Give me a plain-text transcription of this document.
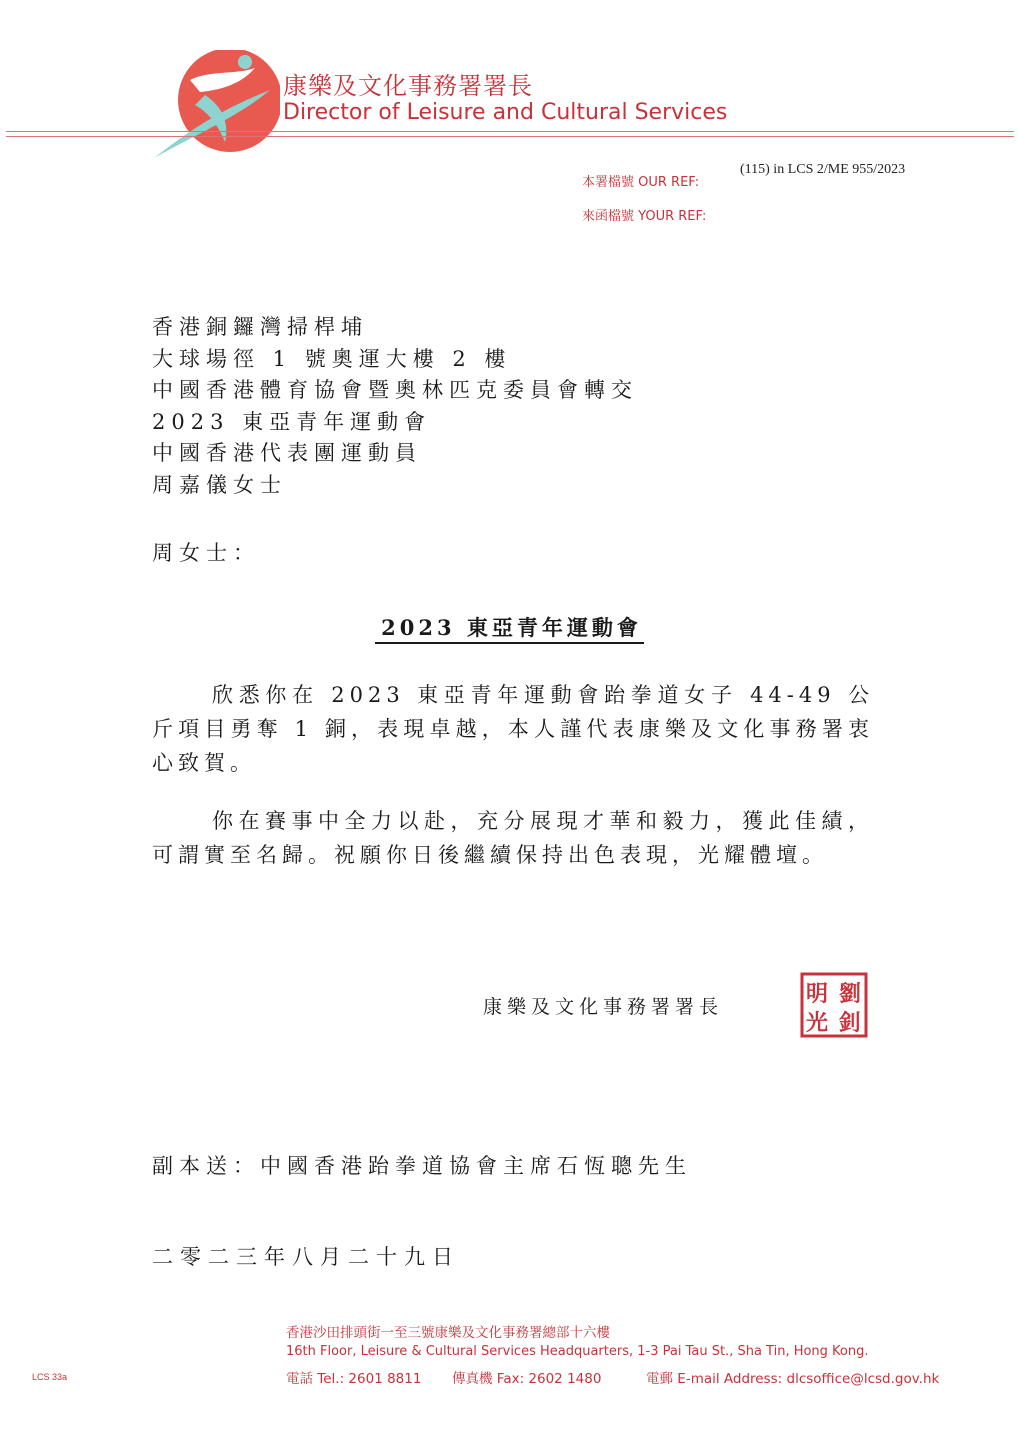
康樂及文化事務署署長
Director of Leisure and Cultural Services
本署檔號 OUR REF:
(115) in LCS 2/ME 955/2023
來函檔號 YOUR REF:
香港銅鑼灣掃桿埔
大球場徑 1 號奧運大樓 2 樓
中國香港體育協會暨奧林匹克委員會轉交
2023 東亞青年運動會
中國香港代表團運動員
周嘉儀女士
周女士：
2023 東亞青年運動會
欣悉你在 2023 東亞青年運動會跆拳道女子 44-49 公斤項目勇奪 1 銅，表現卓越，本人謹代表康樂及文化事務署衷心致賀。
你在賽事中全力以赴，充分展現才華和毅力，獲此佳績，可謂實至名歸。祝願你日後繼續保持出色表現，光耀體壇。
康樂及文化事務署署長	明 劉
光 釗
副本送：中國香港跆拳道協會主席石恆聰先生
二零二三年八月二十九日
香港沙田排頭街一至三號康樂及文化事務署總部十六樓
16th Floor, Leisure & Cultural Services Headquarters, 1-3 Pai Tau St., Sha Tin, Hong Kong.
電話 Tel.: 2601 8811 傳真機 Fax: 2602 1480	電郵 E-mail Address: dlcsoffice@lcsd.gov.hk
LCS 33a
